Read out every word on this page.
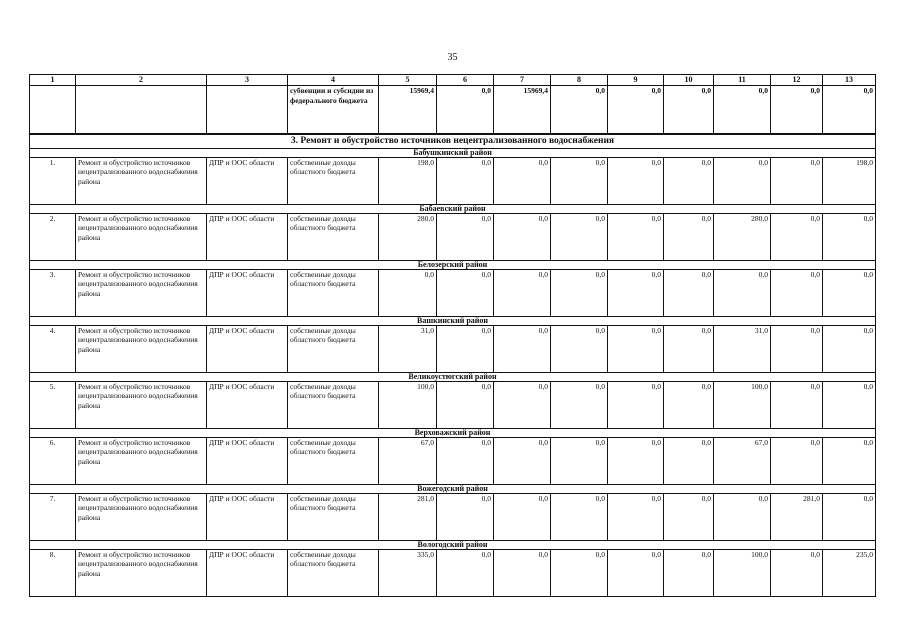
35
1	2	3	4	5	6	7	8	9	10	11	12	13
			субвенции и субсидии из федерального бюджета	15969,4	0,0	15969,4	0,0	0,0	0,0	0,0	0,0	0,0
3. Ремонт и обустройство источников нецентрализованного водоснабжения												
Бабушкинский район												
1.	Ремонт и обустройство источников нецентрализованного водоснабжения района	ДПР и ООС области	собственные доходы областного бюджета	198,0	0,0	0,0	0,0	0,0	0,0	0,0	0,0	198,0
Бабаевский район												
2.	Ремонт и обустройство источников нецентрализованного водоснабжения района	ДПР и ООС области	собственные доходы областного бюджета	280,0	0,0	0,0	0,0	0,0	0,0	280,0	0,0	0,0
Белозерский район												
3.	Ремонт и обустройство источников нецентрализованного водоснабжения района	ДПР и ООС области	собственные доходы областного бюджета	0,0	0,0	0,0	0,0	0,0	0,0	0,0	0,0	0,0
Вашкинский район												
4.	Ремонт и обустройство источников нецентрализованного водоснабжения района	ДПР и ООС области	собственные доходы областного бюджета	31,0	0,0	0,0	0,0	0,0	0,0	31,0	0,0	0,0
Великоустюгский район												
5.	Ремонт и обустройство источников нецентрализованного водоснабжения района	ДПР и ООС области	собственные доходы областного бюджета	100,0	0,0	0,0	0,0	0,0	0,0	100,0	0,0	0,0
Верховажский район												
6.	Ремонт и обустройство источников нецентрализованного водоснабжения района	ДПР и ООС области	собственные доходы областного бюджета	67,0	0,0	0,0	0,0	0,0	0,0	67,0	0,0	0,0
Вожегодский район												
7.	Ремонт и обустройство источников нецентрализованного водоснабжения района	ДПР и ООС области	собственные доходы областного бюджета	281,0	0,0	0,0	0,0	0,0	0,0	0,0	281,0	0,0
Вологодский район												
8.	Ремонт и обустройство источников нецентрализованного водоснабжения района	ДПР и ООС области	собственные доходы областного бюджета	335,0	0,0	0,0	0,0	0,0	0,0	100,0	0,0	235,0
